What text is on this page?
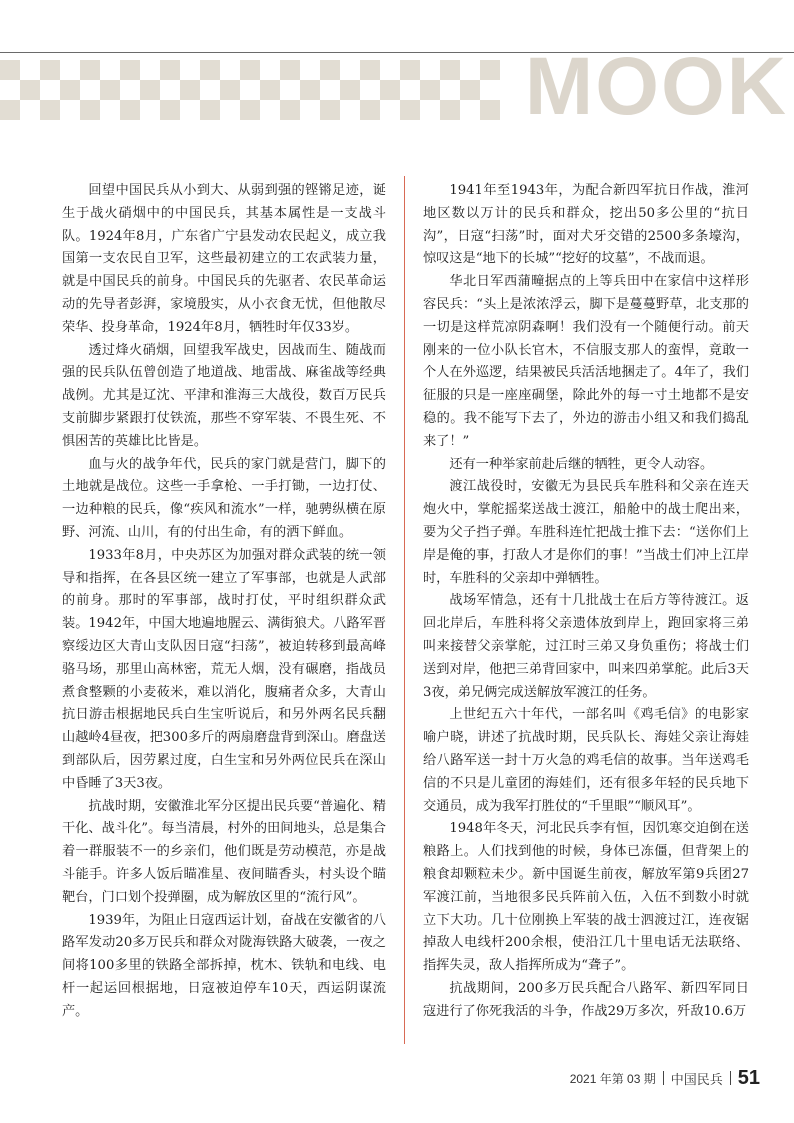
MOOK

回望中国民兵从小到大、从弱到强的铿锵足迹，诞生于战火硝烟中的中国民兵，其基本属性是一支战斗队。1924年8月，广东省广宁县发动农民起义，成立我国第一支农民自卫军，这些最初建立的工农武装力量，就是中国民兵的前身。中国民兵的先驱者、农民革命运动的先导者彭湃，家境殷实，从小衣食无忧，但他散尽荣华、投身革命，1924年8月，牺牲时年仅33岁。

透过烽火硝烟，回望我军战史，因战而生、随战而强的民兵队伍曾创造了地道战、地雷战、麻雀战等经典战例。尤其是辽沈、平津和淮海三大战役，数百万民兵支前脚步紧跟打仗铁流，那些不穿军装、不畏生死、不惧困苦的英雄比比皆是。

血与火的战争年代，民兵的家门就是营门，脚下的土地就是战位。这些一手拿枪、一手打锄，一边打仗、一边种粮的民兵，像“疾风和流水”一样，驰骋纵横在原野、河流、山川，有的付出生命，有的洒下鲜血。

1933年8月，中央苏区为加强对群众武装的统一领导和指挥，在各县区统一建立了军事部，也就是人武部的前身。那时的军事部，战时打仗，平时组织群众武装。1942年，中国大地遍地腥云、满街狼犬。八路军晋察绥边区大青山支队因日寇“扫荡”，被迫转移到最高峰骆马场，那里山高林密，荒无人烟，没有碾磨，指战员煮食整颗的小麦莜米，难以消化，腹痛者众多，大青山抗日游击根据地民兵白生宝听说后，和另外两名民兵翻山越岭4昼夜，把300多斤的两扇磨盘背到深山。磨盘送到部队后，因劳累过度，白生宝和另外两位民兵在深山中昏睡了3天3夜。

抗战时期，安徽淮北军分区提出民兵要“普遍化、精干化、战斗化”。每当清晨，村外的田间地头，总是集合着一群服装不一的乡亲们，他们既是劳动模范，亦是战斗能手。许多人饭后瞄准星、夜间瞄香头，村头设个瞄靶台，门口划个投弹圈，成为解放区里的“流行风”。

1939年，为阻止日寇西运计划，奋战在安徽省的八路军发动20多万民兵和群众对陇海铁路大破袭，一夜之间将100多里的铁路全部拆掉，枕木、铁轨和电线、电杆一起运回根据地，日寇被迫停车10天，西运阴谋流产。

1941年至1943年，为配合新四军抗日作战，淮河地区数以万计的民兵和群众，挖出50多公里的“抗日沟”，日寇“扫荡”时，面对犬牙交错的2500多条壕沟，惊叹这是“地下的长城”“挖好的坟墓”，不战而退。

华北日军西蒲疃据点的上等兵田中在家信中这样形容民兵：“头上是浓浓浮云，脚下是蔓蔓野草，北支那的一切是这样荒凉阴森啊！我们没有一个随便行动。前天刚来的一位小队长官木，不信服支那人的蛮悍，竟敢一个人在外巡逻，结果被民兵活活地捆走了。4年了，我们征服的只是一座座碉堡，除此外的每一寸土地都不是安稳的。我不能写下去了，外边的游击小组又和我们捣乱来了！”

还有一种举家前赴后继的牺牲，更令人动容。

渡江战役时，安徽无为县民兵车胜科和父亲在连天炮火中，掌舵摇桨送战士渡江，船舱中的战士爬出来，要为父子挡子弹。车胜科连忙把战士推下去：“送你们上岸是俺的事，打敌人才是你们的事！”当战士们冲上江岸时，车胜科的父亲却中弹牺牲。

战场军情急，还有十几批战士在后方等待渡江。返回北岸后，车胜科将父亲遗体放到岸上，跑回家将三弟叫来接替父亲掌舵，过江时三弟又身负重伤；将战士们送到对岸，他把三弟背回家中，叫来四弟掌舵。此后3天3夜，弟兄俩完成送解放军渡江的任务。

上世纪五六十年代，一部名叫《鸡毛信》的电影家喻户晓，讲述了抗战时期，民兵队长、海娃父亲让海娃给八路军送一封十万火急的鸡毛信的故事。当年送鸡毛信的不只是儿童团的海娃们，还有很多年轻的民兵地下交通员，成为我军打胜仗的“千里眼”“顺风耳”。

1948年冬天，河北民兵李有恒，因饥寒交迫倒在送粮路上。人们找到他的时候，身体已冻僵，但背架上的粮食却颗粒未少。新中国诞生前夜，解放军第9兵团27军渡江前，当地很多民兵阵前入伍，入伍不到数小时就立下大功。几十位刚换上军装的战士泗渡过江，连夜锯掉敌人电线杆200余根，使沿江几十里电话无法联络、指挥失灵，敌人指挥所成为“聋子”。

抗战期间，200多万民兵配合八路军、新四军同日寇进行了你死我活的斗争，作战29万多次，歼敌10.6万

2021 年第 03 期 中国民兵 51
